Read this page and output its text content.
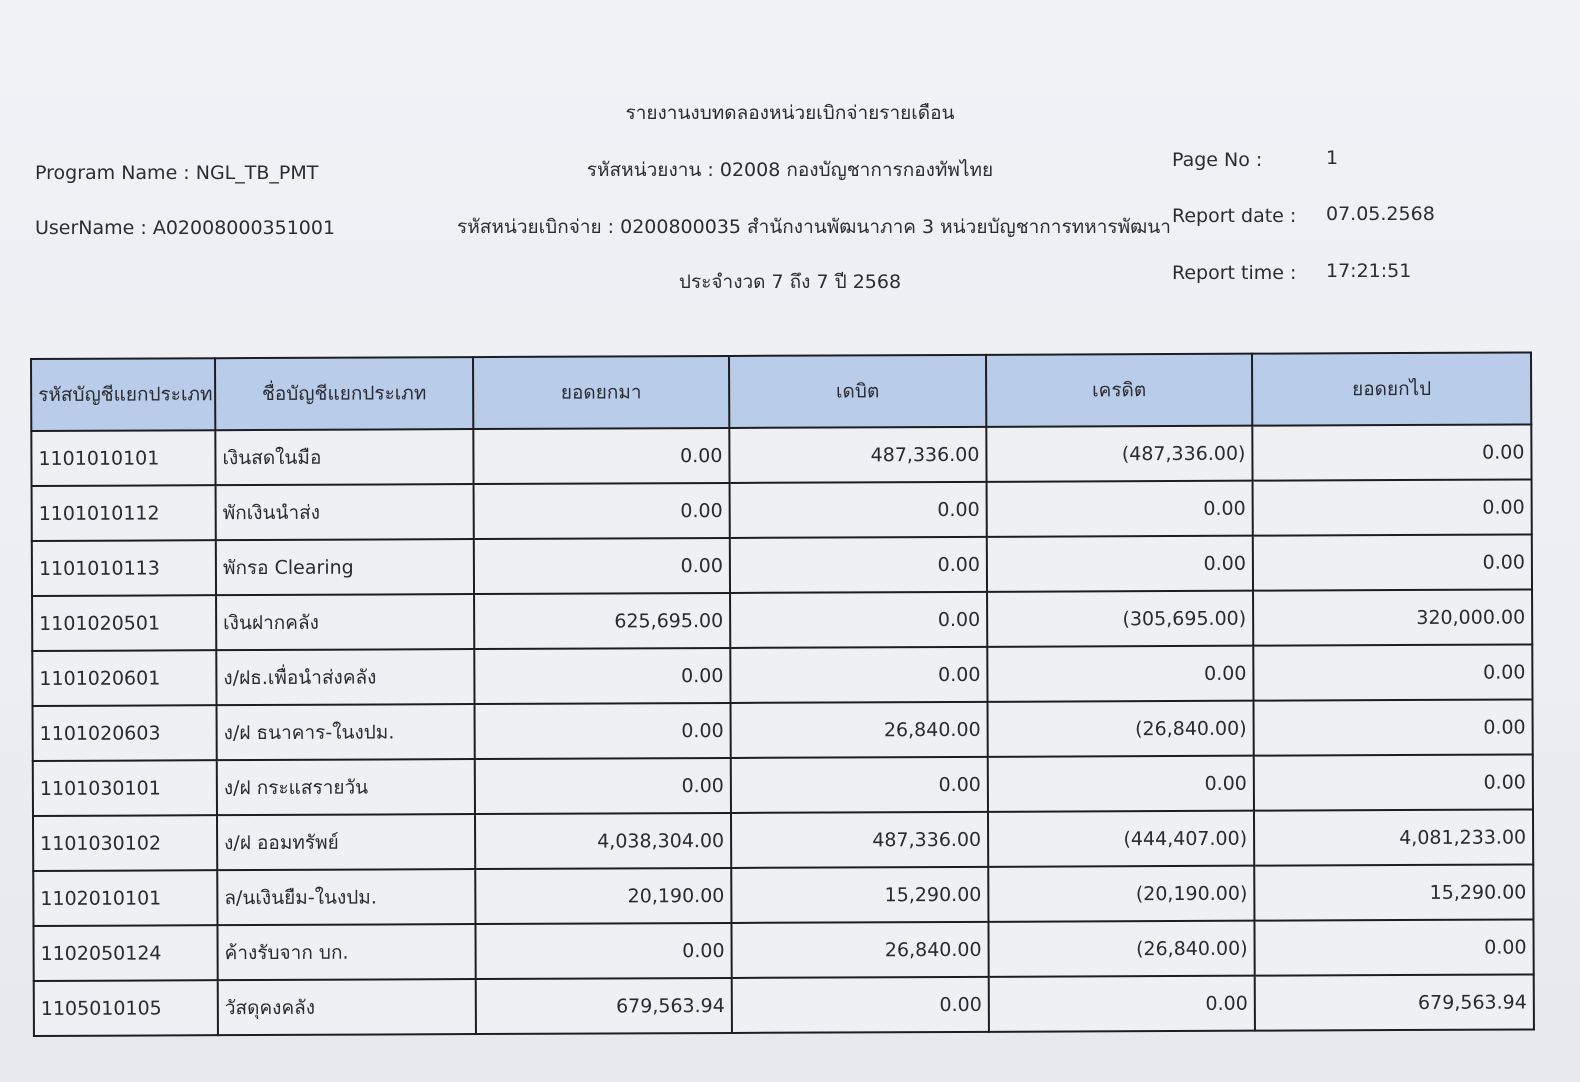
รายงานงบทดลองหน่วยเบิกจ่ายรายเดือน
รหัสหน่วยงาน : 02008 กองบัญชาการกองทัพไทย
รหัสหน่วยเบิกจ่าย : 0200800035 สำนักงานพัฒนาภาค 3 หน่วยบัญชาการทหารพัฒนา
ประจำงวด 7 ถึง 7 ปี 2568
Program Name : NGL_TB_PMT
UserName : A02008000351001
Page No :	1
Report date : 07.05.2568
Report time : 17:21:51
รหัสบัญชีแยกประเภท	ชื่อบัญชีแยกประเภท	ยอดยกมา	เดบิต	เครดิต	ยอดยกไป
1101010101	เงินสดในมือ	0.00	487,336.00	(487,336.00)	0.00
1101010112	พักเงินนำส่ง	0.00	0.00	0.00	0.00
1101010113	พักรอ Clearing	0.00	0.00	0.00	0.00
1101020501	เงินฝากคลัง	625,695.00	0.00	(305,695.00)	320,000.00
1101020601	ง/ฝธ.เพื่อนำส่งคลัง	0.00	0.00	0.00	0.00
1101020603	ง/ฝ ธนาคาร-ในงปม.	0.00	26,840.00	(26,840.00)	0.00
1101030101	ง/ฝ กระแสรายวัน	0.00	0.00	0.00	0.00
1101030102	ง/ฝ ออมทรัพย์	4,038,304.00	487,336.00	(444,407.00)	4,081,233.00
1102010101	ล/นเงินยืม-ในงปม.	20,190.00	15,290.00	(20,190.00)	15,290.00
1102050124	ค้างรับจาก บก.	0.00	26,840.00	(26,840.00)	0.00
1105010105	วัสดุคงคลัง	679,563.94	0.00	0.00	679,563.94
